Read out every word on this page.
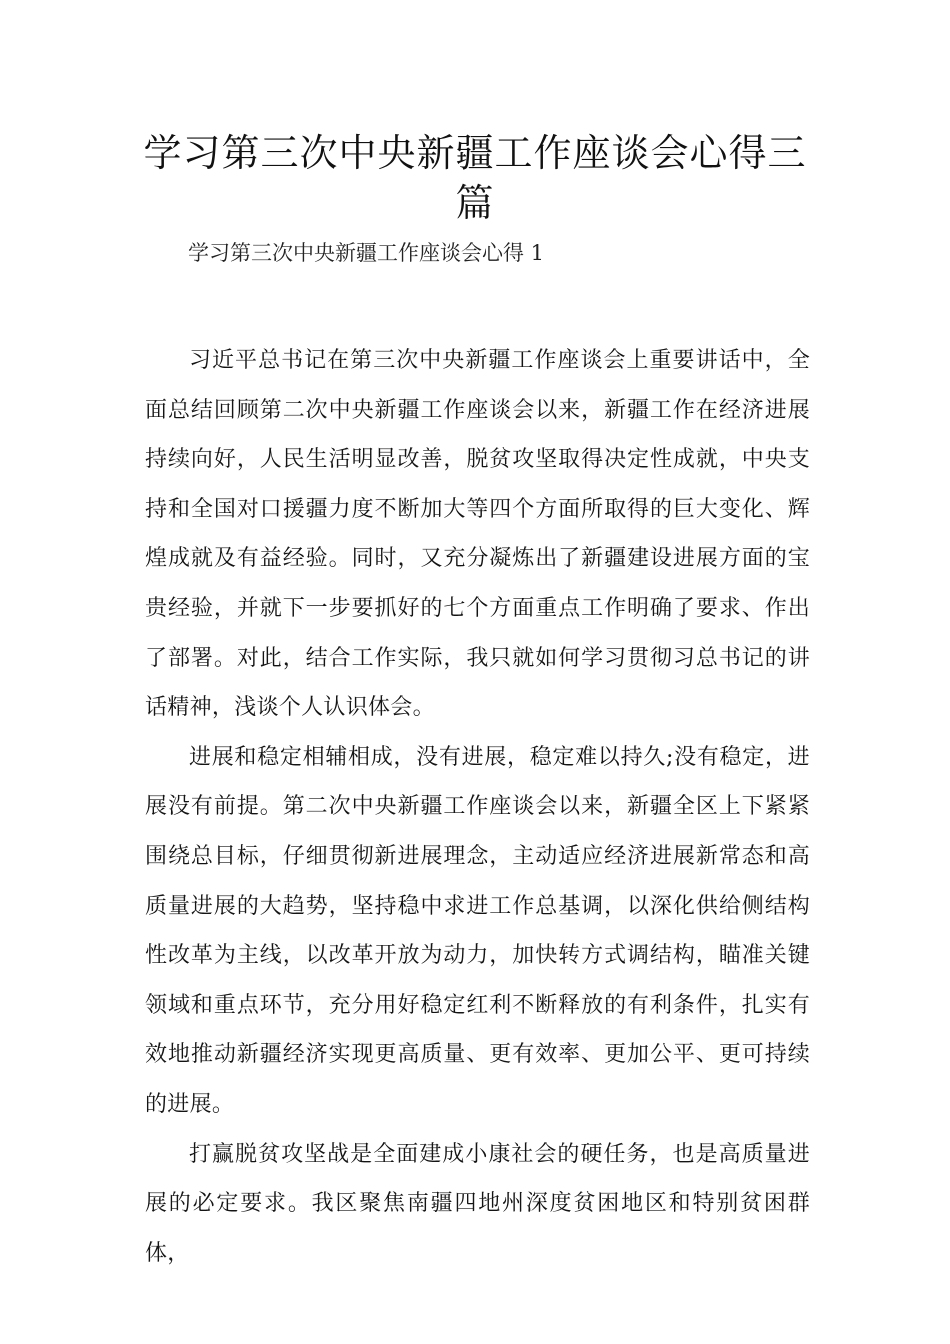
学习第三次中央新疆工作座谈会心得三篇

学习第三次中央新疆工作座谈会心得 1

习近平总书记在第三次中央新疆工作座谈会上重要讲话中，全面总结回顾第二次中央新疆工作座谈会以来，新疆工作在经济进展持续向好，人民生活明显改善，脱贫攻坚取得决定性成就，中央支持和全国对口援疆力度不断加大等四个方面所取得的巨大变化、辉煌成就及有益经验。同时，又充分凝炼出了新疆建设进展方面的宝贵经验，并就下一步要抓好的七个方面重点工作明确了要求、作出了部署。对此，结合工作实际，我只就如何学习贯彻习总书记的讲话精神，浅谈个人认识体会。

进展和稳定相辅相成，没有进展，稳定难以持久;没有稳定，进展没有前提。第二次中央新疆工作座谈会以来，新疆全区上下紧紧围绕总目标，仔细贯彻新进展理念，主动适应经济进展新常态和高质量进展的大趋势，坚持稳中求进工作总基调，以深化供给侧结构性改革为主线，以改革开放为动力，加快转方式调结构，瞄准关键领域和重点环节，充分用好稳定红利不断释放的有利条件，扎实有效地推动新疆经济实现更高质量、更有效率、更加公平、更可持续的进展。

打赢脱贫攻坚战是全面建成小康社会的硬任务，也是高质量进展的必定要求。我区聚焦南疆四地州深度贫困地区和特别贫困群体，
